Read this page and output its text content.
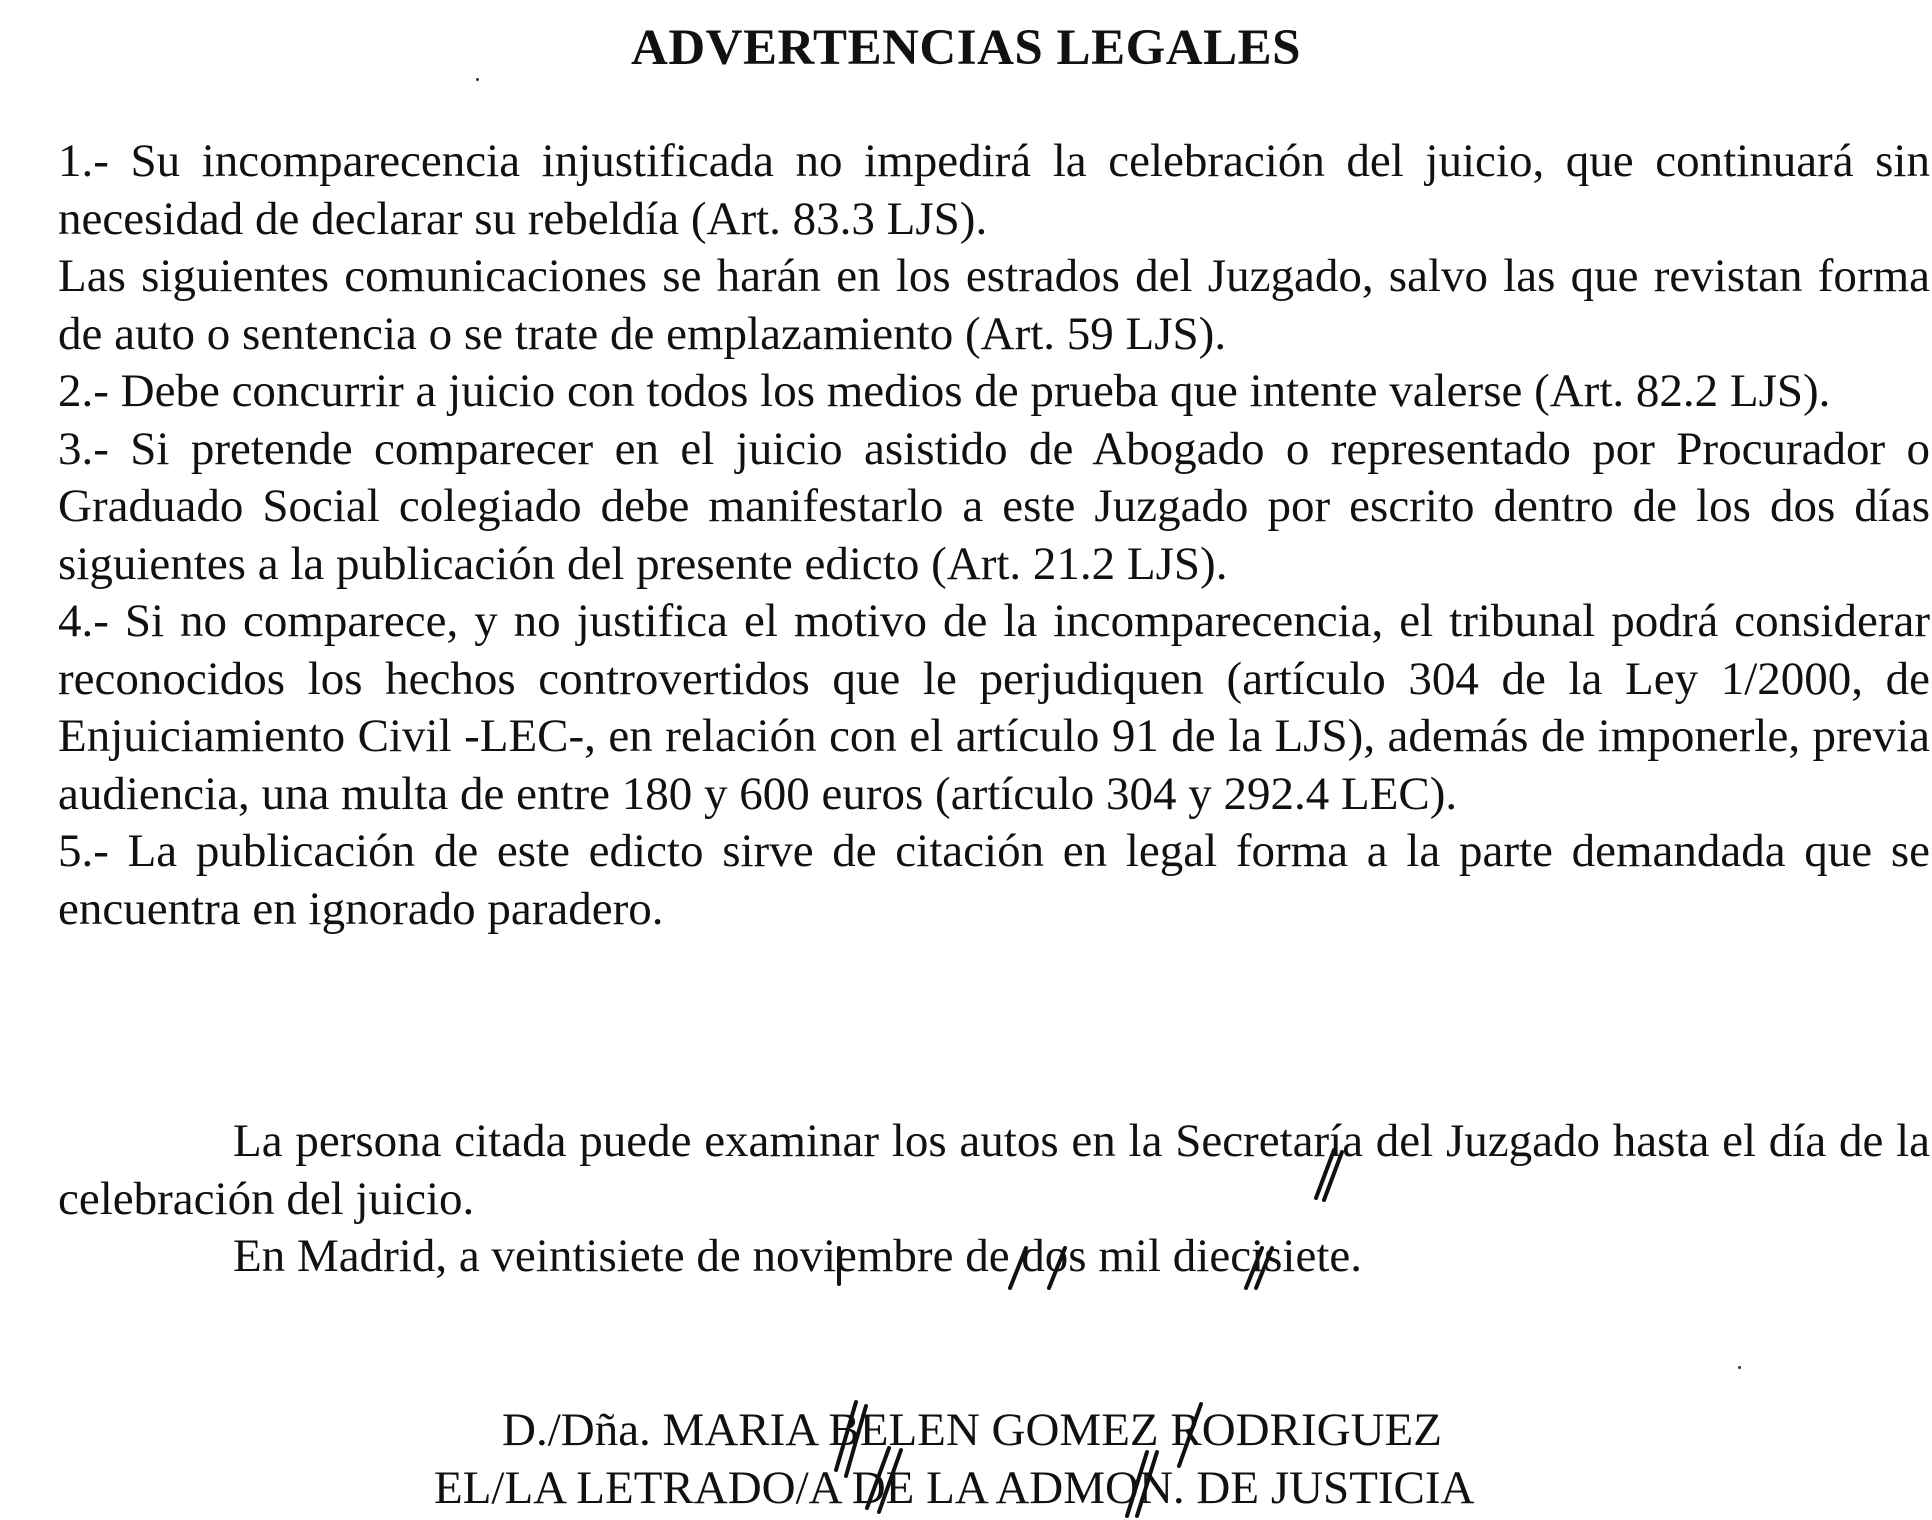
ADVERTENCIAS LEGALES

1.- Su incomparecencia injustificada no impedirá la celebración del juicio, que continuará sin necesidad de declarar su rebeldía (Art. 83.3 LJS).

Las siguientes comunicaciones se harán en los estrados del Juzgado, salvo las que revistan forma de auto o sentencia o se trate de emplazamiento (Art. 59 LJS).

2.- Debe concurrir a juicio con todos los medios de prueba que intente valerse (Art. 82.2 LJS).

3.- Si pretende comparecer en el juicio asistido de Abogado o representado por Procurador o Graduado Social colegiado debe manifestarlo a este Juzgado por escrito dentro de los dos días siguientes a la publicación del presente edicto (Art. 21.2 LJS).

4.- Si no comparece, y no justifica el motivo de la incomparecencia, el tribunal podrá considerar reconocidos los hechos controvertidos que le perjudiquen (artículo 304 de la Ley 1/2000, de Enjuiciamiento Civil -LEC-, en relación con el artículo 91 de la LJS), además de imponerle, previa audiencia, una multa de entre 180 y 600 euros (artículo 304 y 292.4 LEC).

5.- La publicación de este edicto sirve de citación en legal forma a la parte demandada que se encuentra en ignorado paradero.

La persona citada puede examinar los autos en la Secretaría del Juzgado hasta el día de la celebración del juicio.

En Madrid, a veintisiete de noviembre de dos mil diecisiete.

D./Dña. MARIA BELEN GOMEZ RODRIGUEZ
EL/LA LETRADO/A DE LA ADMON. DE JUSTICIA
